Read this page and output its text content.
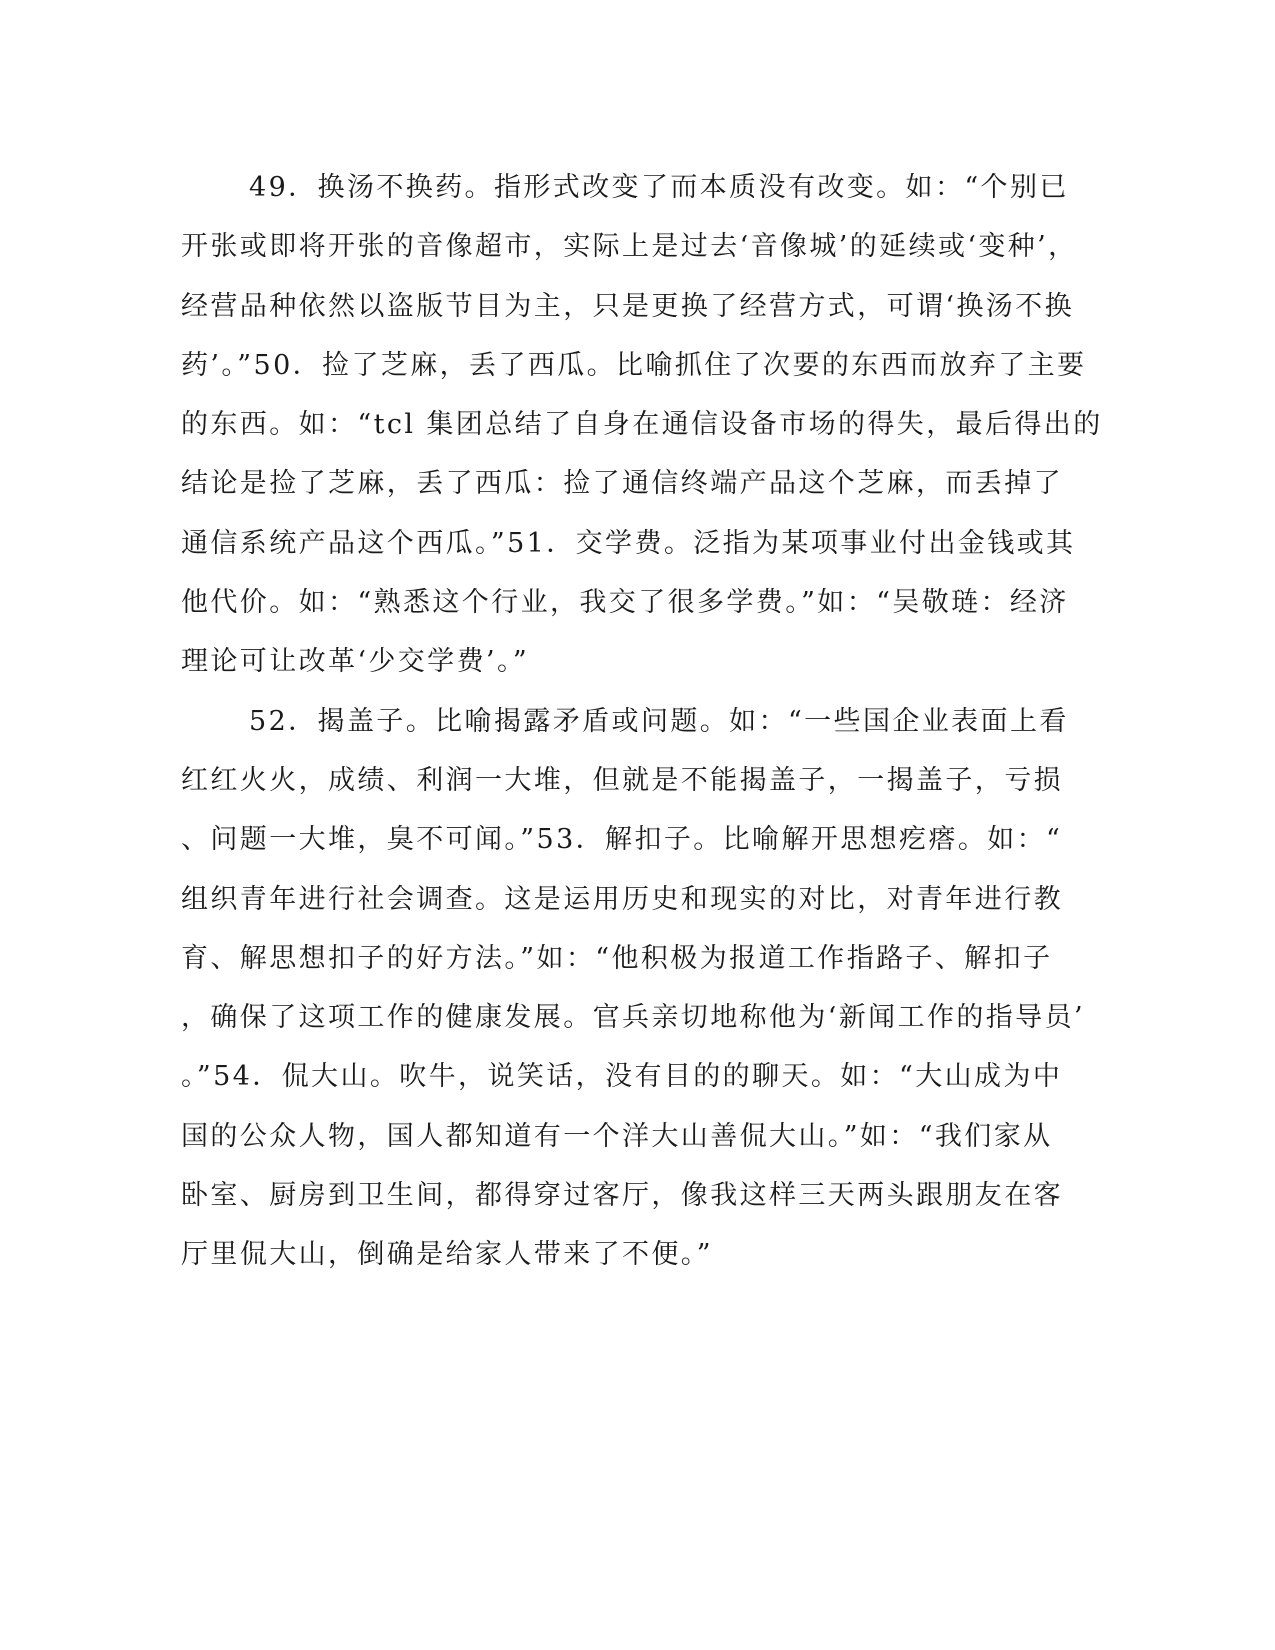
49．换汤不换药。指形式改变了而本质没有改变。如：“个别已
开张或即将开张的音像超市，实际上是过去‘音像城’的延续或‘变种’，
经营品种依然以盗版节目为主，只是更换了经营方式，可谓‘换汤不换
药’。”50．捡了芝麻，丢了西瓜。比喻抓住了次要的东西而放弃了主要
的东西。如：“tcl 集团总结了自身在通信设备市场的得失，最后得出的
结论是捡了芝麻，丢了西瓜：捡了通信终端产品这个芝麻，而丢掉了
通信系统产品这个西瓜。”51．交学费。泛指为某项事业付出金钱或其
他代价。如：“熟悉这个行业，我交了很多学费。”如：“吴敬琏：经济
理论可让改革‘少交学费’。”
52．揭盖子。比喻揭露矛盾或问题。如：“一些国企业表面上看
红红火火，成绩、利润一大堆，但就是不能揭盖子，一揭盖子，亏损
、问题一大堆，臭不可闻。”53．解扣子。比喻解开思想疙瘩。如：“
组织青年进行社会调查。这是运用历史和现实的对比，对青年进行教
育、解思想扣子的好方法。”如：“他积极为报道工作指路子、解扣子
，确保了这项工作的健康发展。官兵亲切地称他为‘新闻工作的指导员’
。”54．侃大山。吹牛，说笑话，没有目的的聊天。如：“大山成为中
国的公众人物，国人都知道有一个洋大山善侃大山。”如：“我们家从
卧室、厨房到卫生间，都得穿过客厅，像我这样三天两头跟朋友在客
厅里侃大山，倒确是给家人带来了不便。”
